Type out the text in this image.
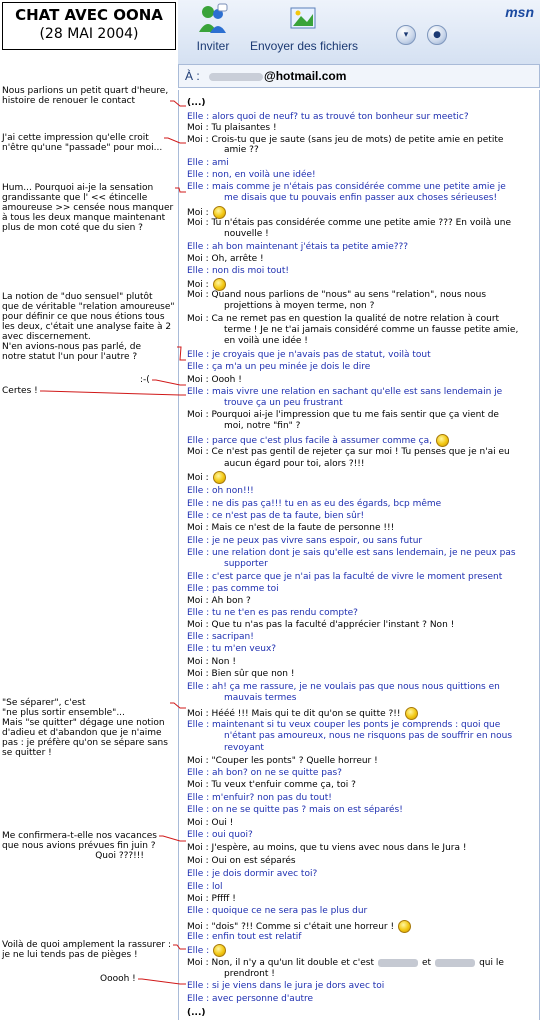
CHAT AVEC OONA
(28 MAI 2004)
Inviter	Envoyer des fichiers
▾	●
msn
À :	@hotmail.com
(...)
Elle : alors quoi de neuf? tu as trouvé ton bonheur sur meetic?
Moi : Tu plaisantes !
Moi : Crois-tu que je saute (sans jeu de mots) de petite amie en petite
amie ??
Elle : ami
Elle : non, en voilà une idée!
Elle : mais comme je n'étais pas considérée comme une petite amie je
me disais que tu pouvais enfin passer aux choses sérieuses!
Moi :
Moi : Tu n'étais pas considérée comme une petite amie ??? En voilà une
nouvelle !
Elle : ah bon maintenant j'étais ta petite amie???
Moi : Oh, arrête !
Elle : non dis moi tout!
Moi :
Moi : Quand nous parlions de "nous" au sens "relation", nous nous
projettions à moyen terme, non ?
Moi : Ca ne remet pas en question la qualité de notre relation à court
terme ! Je ne t'ai jamais considéré comme un fausse petite amie,
en voilà une idée !
Elle : je croyais que je n'avais pas de statut, voilà tout
Elle : ça m'a un peu minée je dois le dire
Moi : Oooh !
Elle : mais vivre une relation en sachant qu'elle est sans lendemain je
trouve ça un peu frustrant
Moi : Pourquoi ai-je l'impression que tu me fais sentir que ça vient de
moi, notre "fin" ?
Elle : parce que c'est plus facile à assumer comme ça,
Moi : Ce n'est pas gentil de rejeter ça sur moi ! Tu penses que je n'ai eu
aucun égard pour toi, alors ?!!!
Moi :
Elle : oh non!!!
Elle : ne dis pas ça!!! tu en as eu des égards, bcp même
Elle : ce n'est pas de ta faute, bien sûr!
Moi : Mais ce n'est de la faute de personne !!!
Elle : je ne peux pas vivre sans espoir, ou sans futur
Elle : une relation dont je sais qu'elle est sans lendemain, je ne peux pas
supporter
Elle : c'est parce que je n'ai pas la faculté de vivre le moment present
Elle : pas comme toi
Moi : Ah bon ?
Elle : tu ne t'en es pas rendu compte?
Moi : Que tu n'as pas la faculté d'apprécier l'instant ? Non !
Elle : sacripan!
Elle : tu m'en veux?
Moi : Non !
Moi : Bien sûr que non !
Elle : ah! ça me rassure, je ne voulais pas que nous nous quittions en
mauvais termes
Moi : Hééé !!! Mais qui te dit qu'on se quitte ?!!
Elle : maintenant si tu veux couper les ponts je comprends : quoi que
n'étant pas amoureux, nous ne risquons pas de souffrir en nous
revoyant
Moi : "Couper les ponts" ? Quelle horreur !
Elle : ah bon? on ne se quitte pas?
Moi : Tu veux t'enfuir comme ça, toi ?
Elle : m'enfuir? non pas du tout!
Elle : on ne se quitte pas ? mais on est séparés!
Moi : Oui !
Elle : oui quoi?
Moi : J'espère, au moins, que tu viens avec nous dans le Jura !
Moi : Oui on est séparés
Elle : je dois dormir avec toi?
Elle : lol
Moi : Pffff !
Elle : quoique ce ne sera pas le plus dur
Moi : "dois" ?!! Comme si c'était une horreur !
Elle : enfin tout est relatif
Elle :
Moi : Non, il n'y a qu'un lit double et c'est	et	qui le
prendront !
Elle : si je viens dans le jura je dors avec toi
Elle : avec personne d'autre
(...)
Nous parlions un petit quart d'heure,
histoire de renouer le contact
J'ai cette impression qu'elle croit
n'être qu'une "passade" pour moi...
Hum... Pourquoi ai-je la sensation
grandissante que l' << étincelle
amoureuse >> censée nous manquer
à tous les deux manque maintenant
plus de mon coté que du sien ?
La notion de "duo sensuel" plutôt
que de véritable "relation amoureuse"
pour définir ce que nous étions tous
les deux, c'était une analyse faite à 2
avec discernement.
N'en avions-nous pas parlé, de
notre statut l'un pour l'autre ?
:-(
Certes !
"Se séparer", c'est
"ne plus sortir ensemble"...
Mais "se quitter" dégage une notion
d'adieu et d'abandon que je n'aime
pas : je préfère qu'on se sépare sans
se quitter !
Me confirmera-t-elle nos vacances
que nous avions prévues fin juin ?
Quoi ???!!!
Voilà de quoi amplement la rassurer :
je ne lui tends pas de pièges !
Ooooh !
